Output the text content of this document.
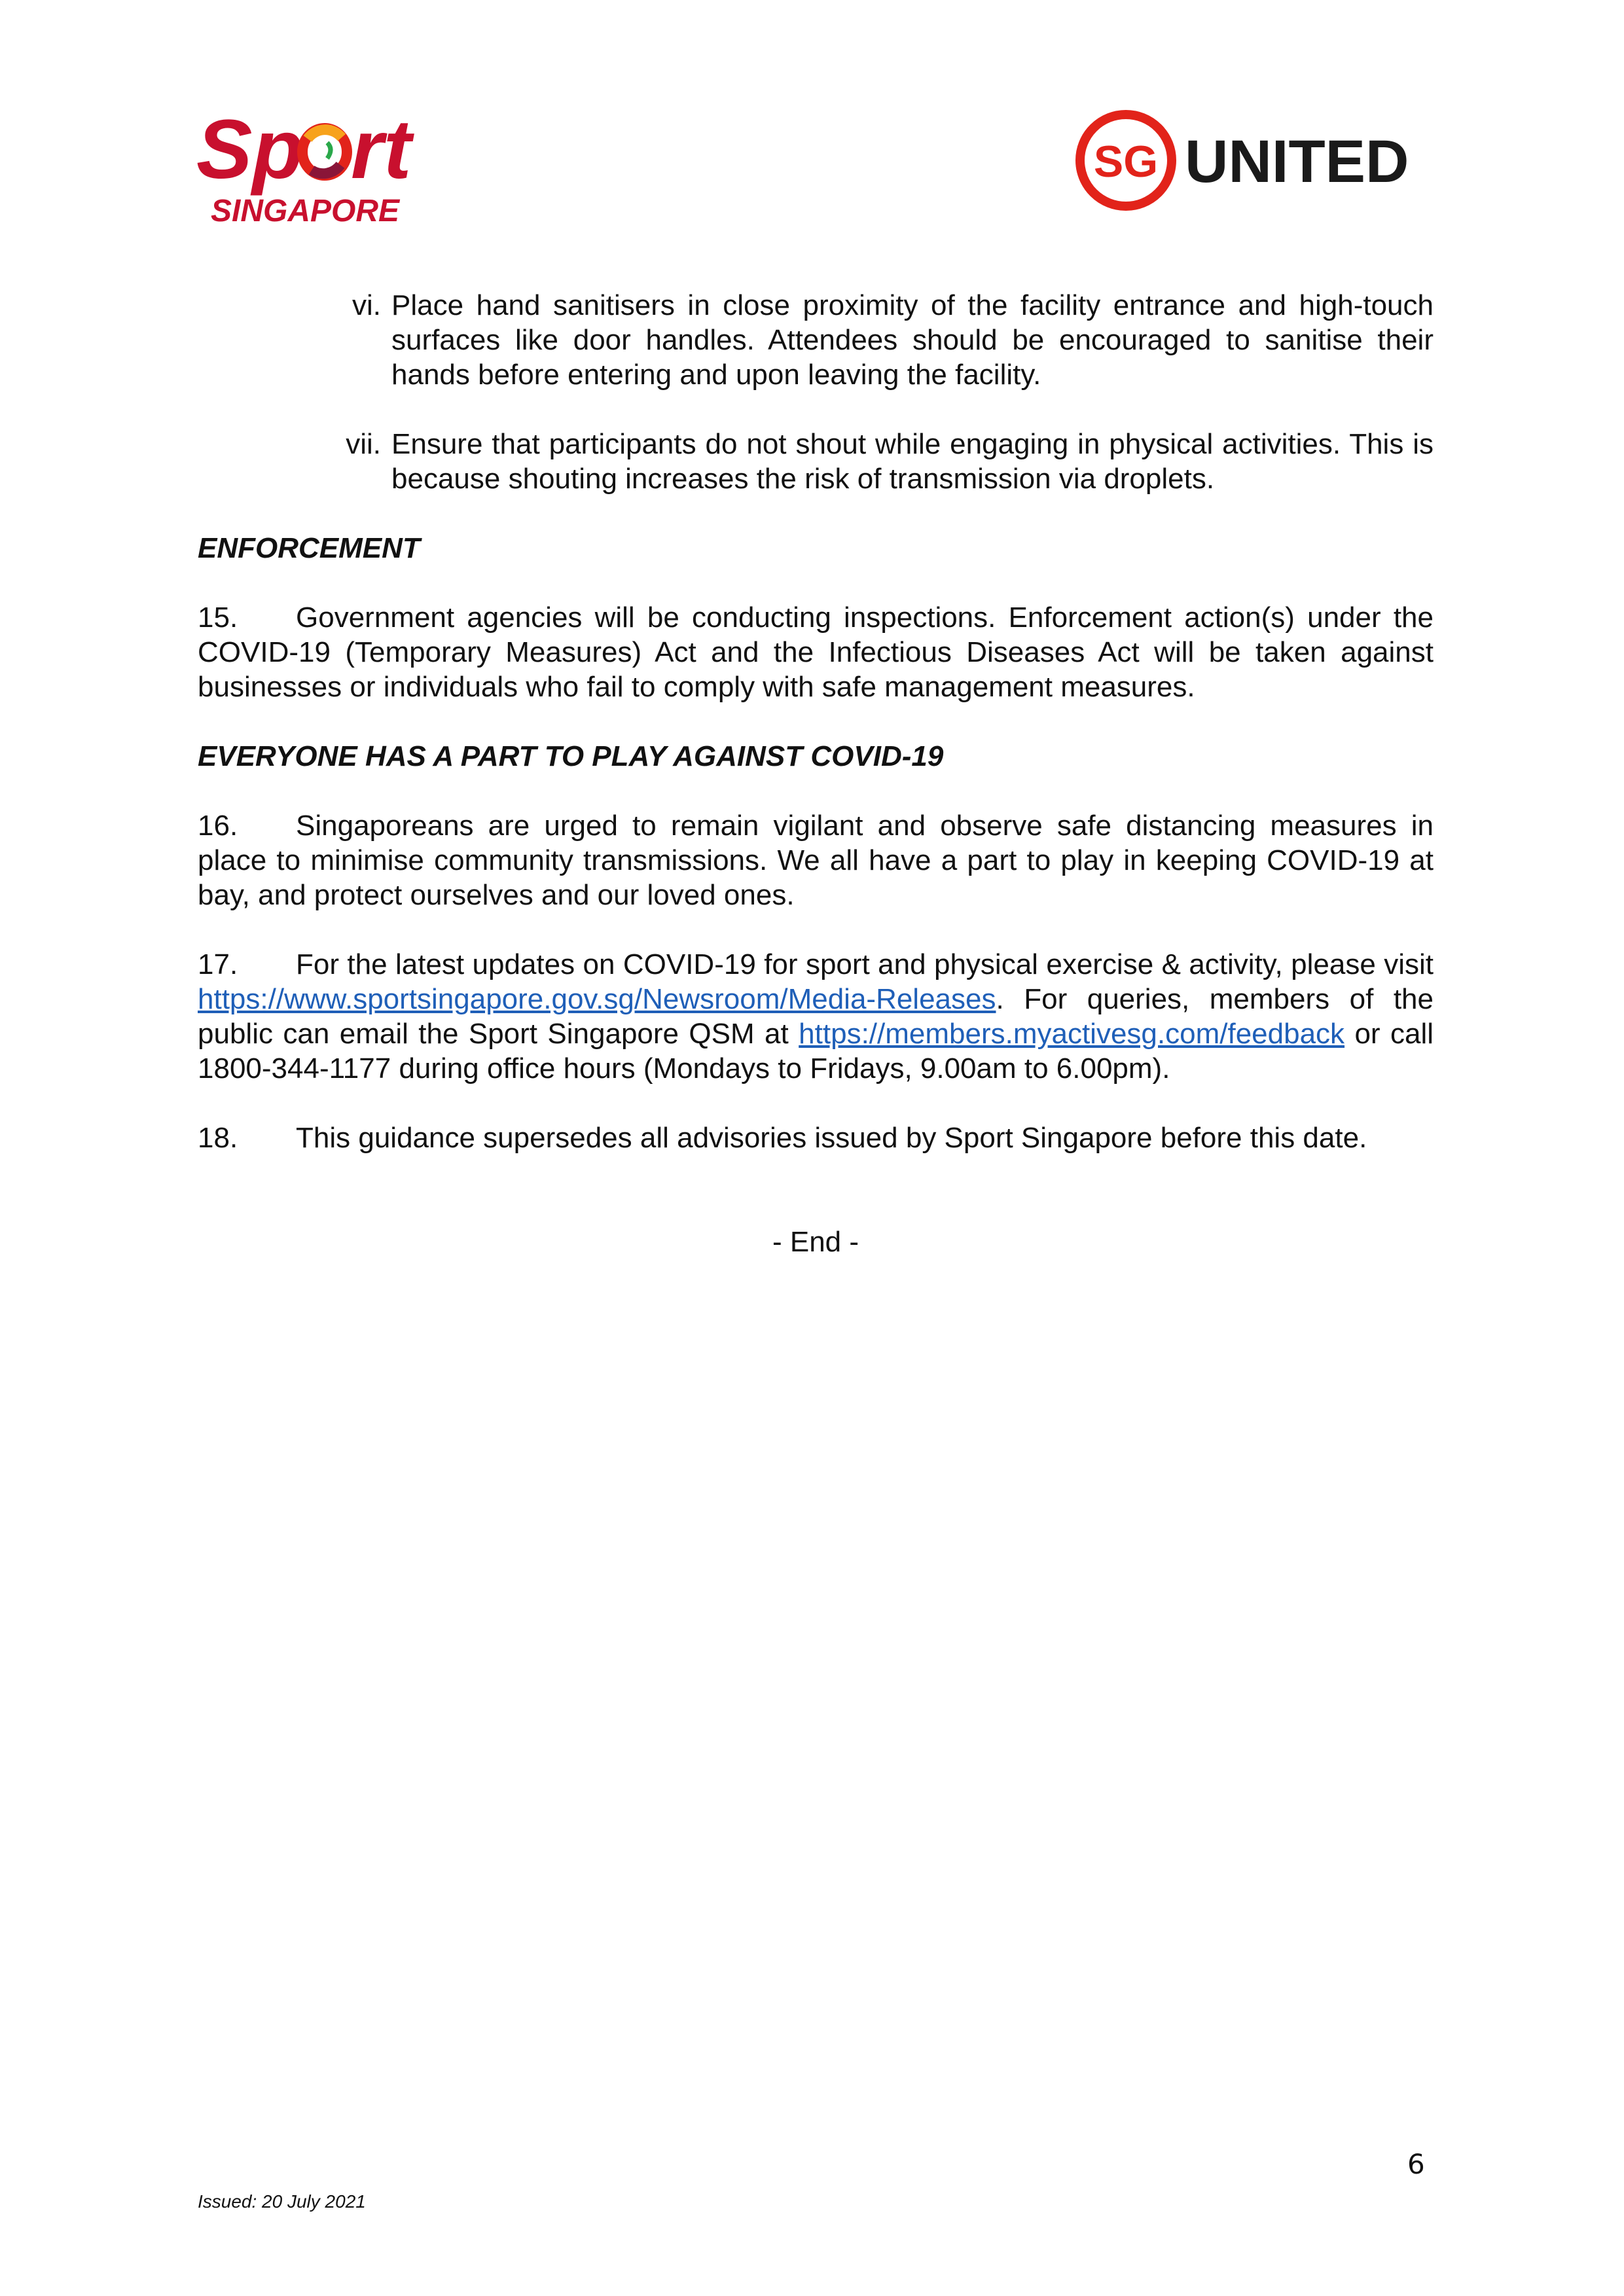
Sp rt
SINGAPORE
SG UNITED
vi. Place hand sanitisers in close proximity of the facility entrance and high-touch surfaces like door handles. Attendees should be encouraged to sanitise their hands before entering and upon leaving the facility.
vii. Ensure that participants do not shout while engaging in physical activities. This is because shouting increases the risk of transmission via droplets.

ENFORCEMENT

15. Government agencies will be conducting inspections. Enforcement action(s) under the COVID-19 (Temporary Measures) Act and the Infectious Diseases Act will be taken against businesses or individuals who fail to comply with safe management measures.

EVERYONE HAS A PART TO PLAY AGAINST COVID-19

16. Singaporeans are urged to remain vigilant and observe safe distancing measures in place to minimise community transmissions. We all have a part to play in keeping COVID-19 at bay, and protect ourselves and our loved ones.

17. For the latest updates on COVID-19 for sport and physical exercise & activity, please visit https://www.sportsingapore.gov.sg/Newsroom/Media-Releases. For queries, members of the public can email the Sport Singapore QSM at https://members.myactivesg.com/feedback or call 1800-344-1177 during office hours (Mondays to Fridays, 9.00am to 6.00pm).

18. This guidance supersedes all advisories issued by Sport Singapore before this date.

- End -

6
Issued: 20 July 2021
